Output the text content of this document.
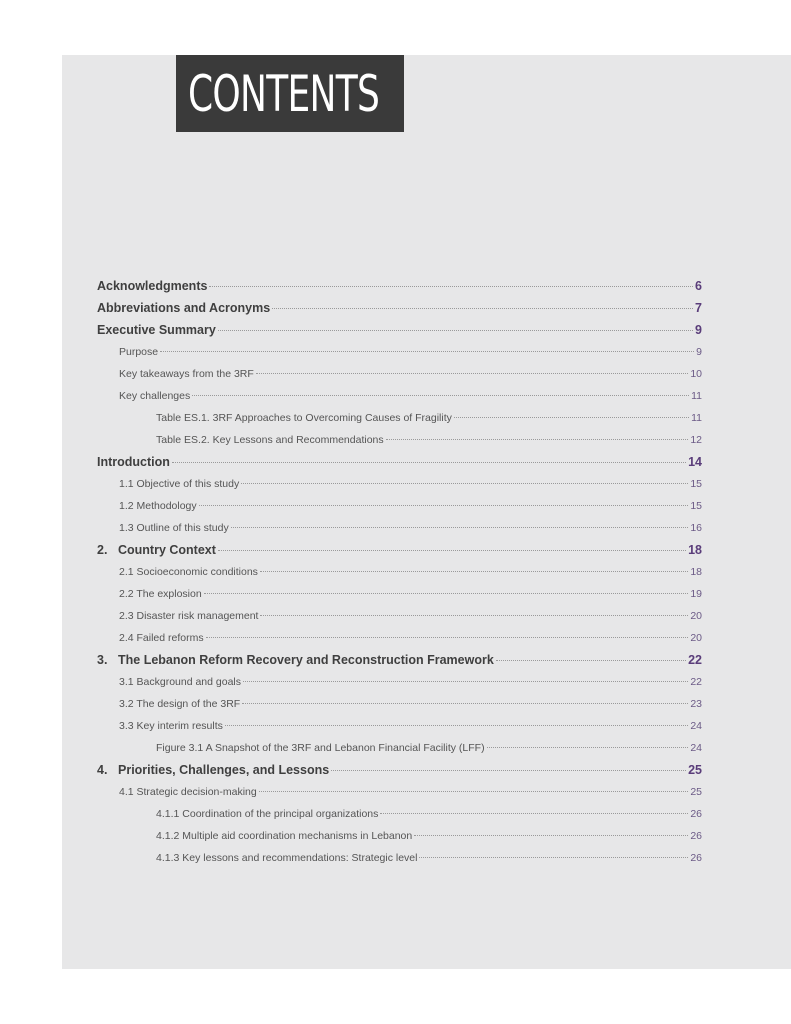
CONTENTS
Acknowledgments	6
Abbreviations and Acronyms	7
Executive Summary	9
Purpose	9
Key takeaways from the 3RF	10
Key challenges	11
Table ES.1. 3RF Approaches to Overcoming Causes of Fragility	11
Table ES.2. Key Lessons and Recommendations	12
Introduction	14
1.1 Objective of this study	15
1.2 Methodology	15
1.3 Outline of this study	16
2. Country Context	18
2.1 Socioeconomic conditions	18
2.2 The explosion	19
2.3 Disaster risk management	20
2.4 Failed reforms	20
3. The Lebanon Reform Recovery and Reconstruction Framework	22
3.1 Background and goals	22
3.2 The design of the 3RF	23
3.3 Key interim results	24
Figure 3.1 A Snapshot of the 3RF and Lebanon Financial Facility (LFF)	24
4. Priorities, Challenges, and Lessons	25
4.1 Strategic decision-making	25
4.1.1 Coordination of the principal organizations	26
4.1.2 Multiple aid coordination mechanisms in Lebanon	26
4.1.3 Key lessons and recommendations: Strategic level	26
